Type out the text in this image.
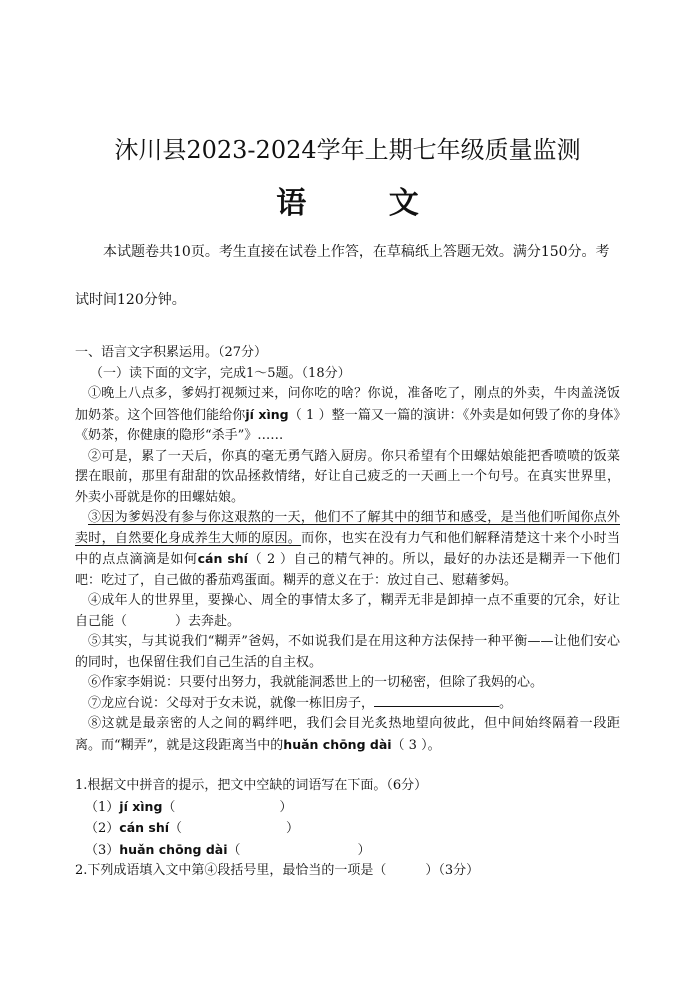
沐川县2023-2024学年上期七年级质量监测
语 文

本试题卷共10页。考生直接在试卷上作答，在草稿纸上答题无效。满分150分。考试时间120分钟。

一、语言文字积累运用。（27分）

（一）读下面的文字，完成1～5题。（18分）

①晚上八点多，爹妈打视频过来，问你吃的啥？你说，准备吃了，刚点的外卖，牛肉盖浇饭加奶茶。这个回答他们能给你jí xìng（ 1 ）整一篇又一篇的演讲：《外卖是如何毁了你的身体》《奶茶，你健康的隐形“杀手”》……

②可是，累了一天后，你真的毫无勇气踏入厨房。你只希望有个田螺姑娘能把香喷喷的饭菜摆在眼前，那里有甜甜的饮品拯救情绪，好让自己疲乏的一天画上一个句号。在真实世界里，外卖小哥就是你的田螺姑娘。

③因为爹妈没有参与你这艰熬的一天，他们不了解其中的细节和感受，是当他们听闻你点外卖时，自然要化身成养生大师的原因。而你，也实在没有力气和他们解释清楚这十来个小时当中的点点滴滴是如何cán shí（ 2 ）自己的精气神的。所以，最好的办法还是糊弄一下他们吧：吃过了，自己做的番茄鸡蛋面。糊弄的意义在于：放过自己、慰藉爹妈。

④成年人的世界里，要操心、周全的事情太多了，糊弄无非是卸掉一点不重要的冗余，好让自己能（	）去奔赴。

⑤其实，与其说我们“糊弄”爸妈，不如说我们是在用这种方法保持一种平衡——让他们安心的同时，也保留住我们自己生活的自主权。

⑥作家李娟说：只要付出努力，我就能洞悉世上的一切秘密，但除了我妈的心。

⑦龙应台说：父母对于女未说，就像一栋旧房子，	。

⑧这就是最亲密的人之间的羁绊吧，我们会目光炙热地望向彼此，但中间始终隔着一段距离。而“糊弄”，就是这段距离当中的huǎn chōng dài（ 3 ）。

1.根据文中拼音的提示，把文中空缺的词语写在下面。（6分）

（1）jí xìng（　　　　　　　　）

（2）cán shí（　　　　　　　　）

（3）huǎn chōng dài（　　　　　　　　　）

2.下列成语填入文中第④段括号里，最恰当的一项是（　　　）（3分）
